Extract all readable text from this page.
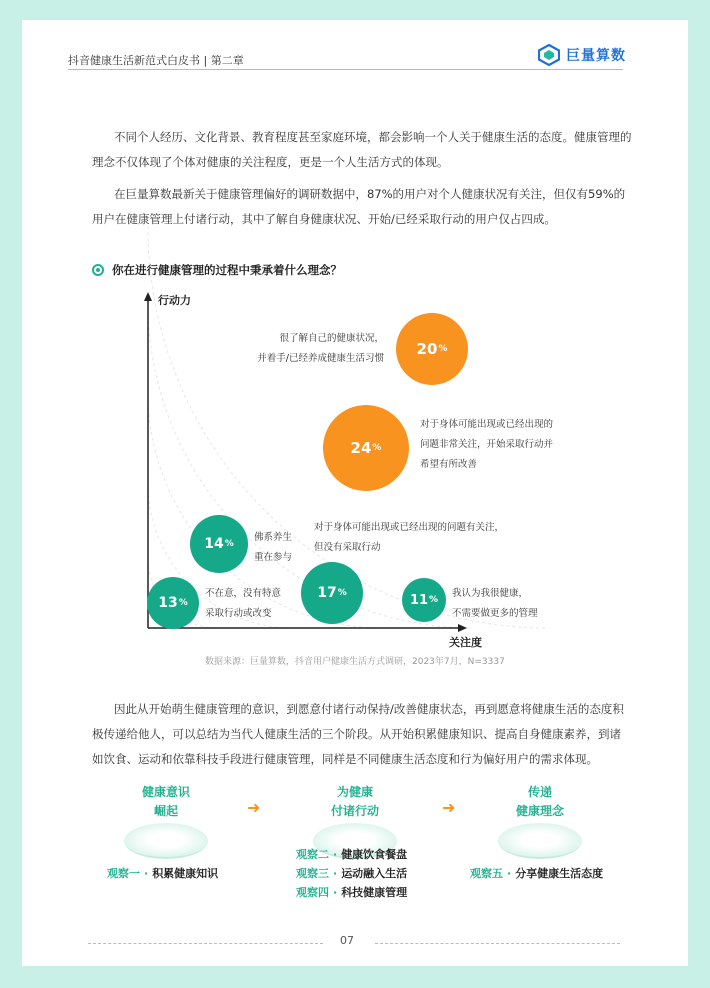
抖音健康生活新范式白皮书 | 第二章	巨量算数

不同个人经历、文化背景、教育程度甚至家庭环境，都会影响一个人关于健康生活的态度。健康管理的理念不仅体现了个体对健康的关注程度，更是一个人生活方式的体现。

在巨量算数最新关于健康管理偏好的调研数据中，87%的用户对个人健康状况有关注，但仅有59%的用户在健康管理上付诸行动，其中了解自身健康状况、开始/已经采取行动的用户仅占四成。

你在进行健康管理的过程中秉承着什么理念？
行动力
关注度
20 %
24 %
14 %
17 %
13 %	11 %
很了解自己的健康状况，
并着手/已经养成健康生活习惯
对于身体可能出现或已经出现的
问题非常关注，开始采取行动并
希望有所改善
佛系养生
重在参与
对于身体可能出现或已经出现的问题有关注，
但没有采取行动
不在意，没有特意
采取行动或改变
我认为我很健康，
不需要做更多的管理
数据来源：巨量算数，抖音用户健康生活方式调研，2023年7月，N=3337

因此从开始萌生健康管理的意识，到愿意付诸行动保持/改善健康状态，再到愿意将健康生活的态度积极传递给他人，可以总结为当代人健康生活的三个阶段。从开始积累健康知识、提高自身健康素养，到诸如饮食、运动和依靠科技手段进行健康管理，同样是不同健康生活态度和行为偏好用户的需求体现。

健康意识
崛起	➜
为健康
付诸行动	➜
传递
健康理念
观察一 · 积累健康知识
观察二 · 健康饮食餐盘
观察三 · 运动融入生活
观察四 · 科技健康管理
观察五 · 分享健康生活态度
07
